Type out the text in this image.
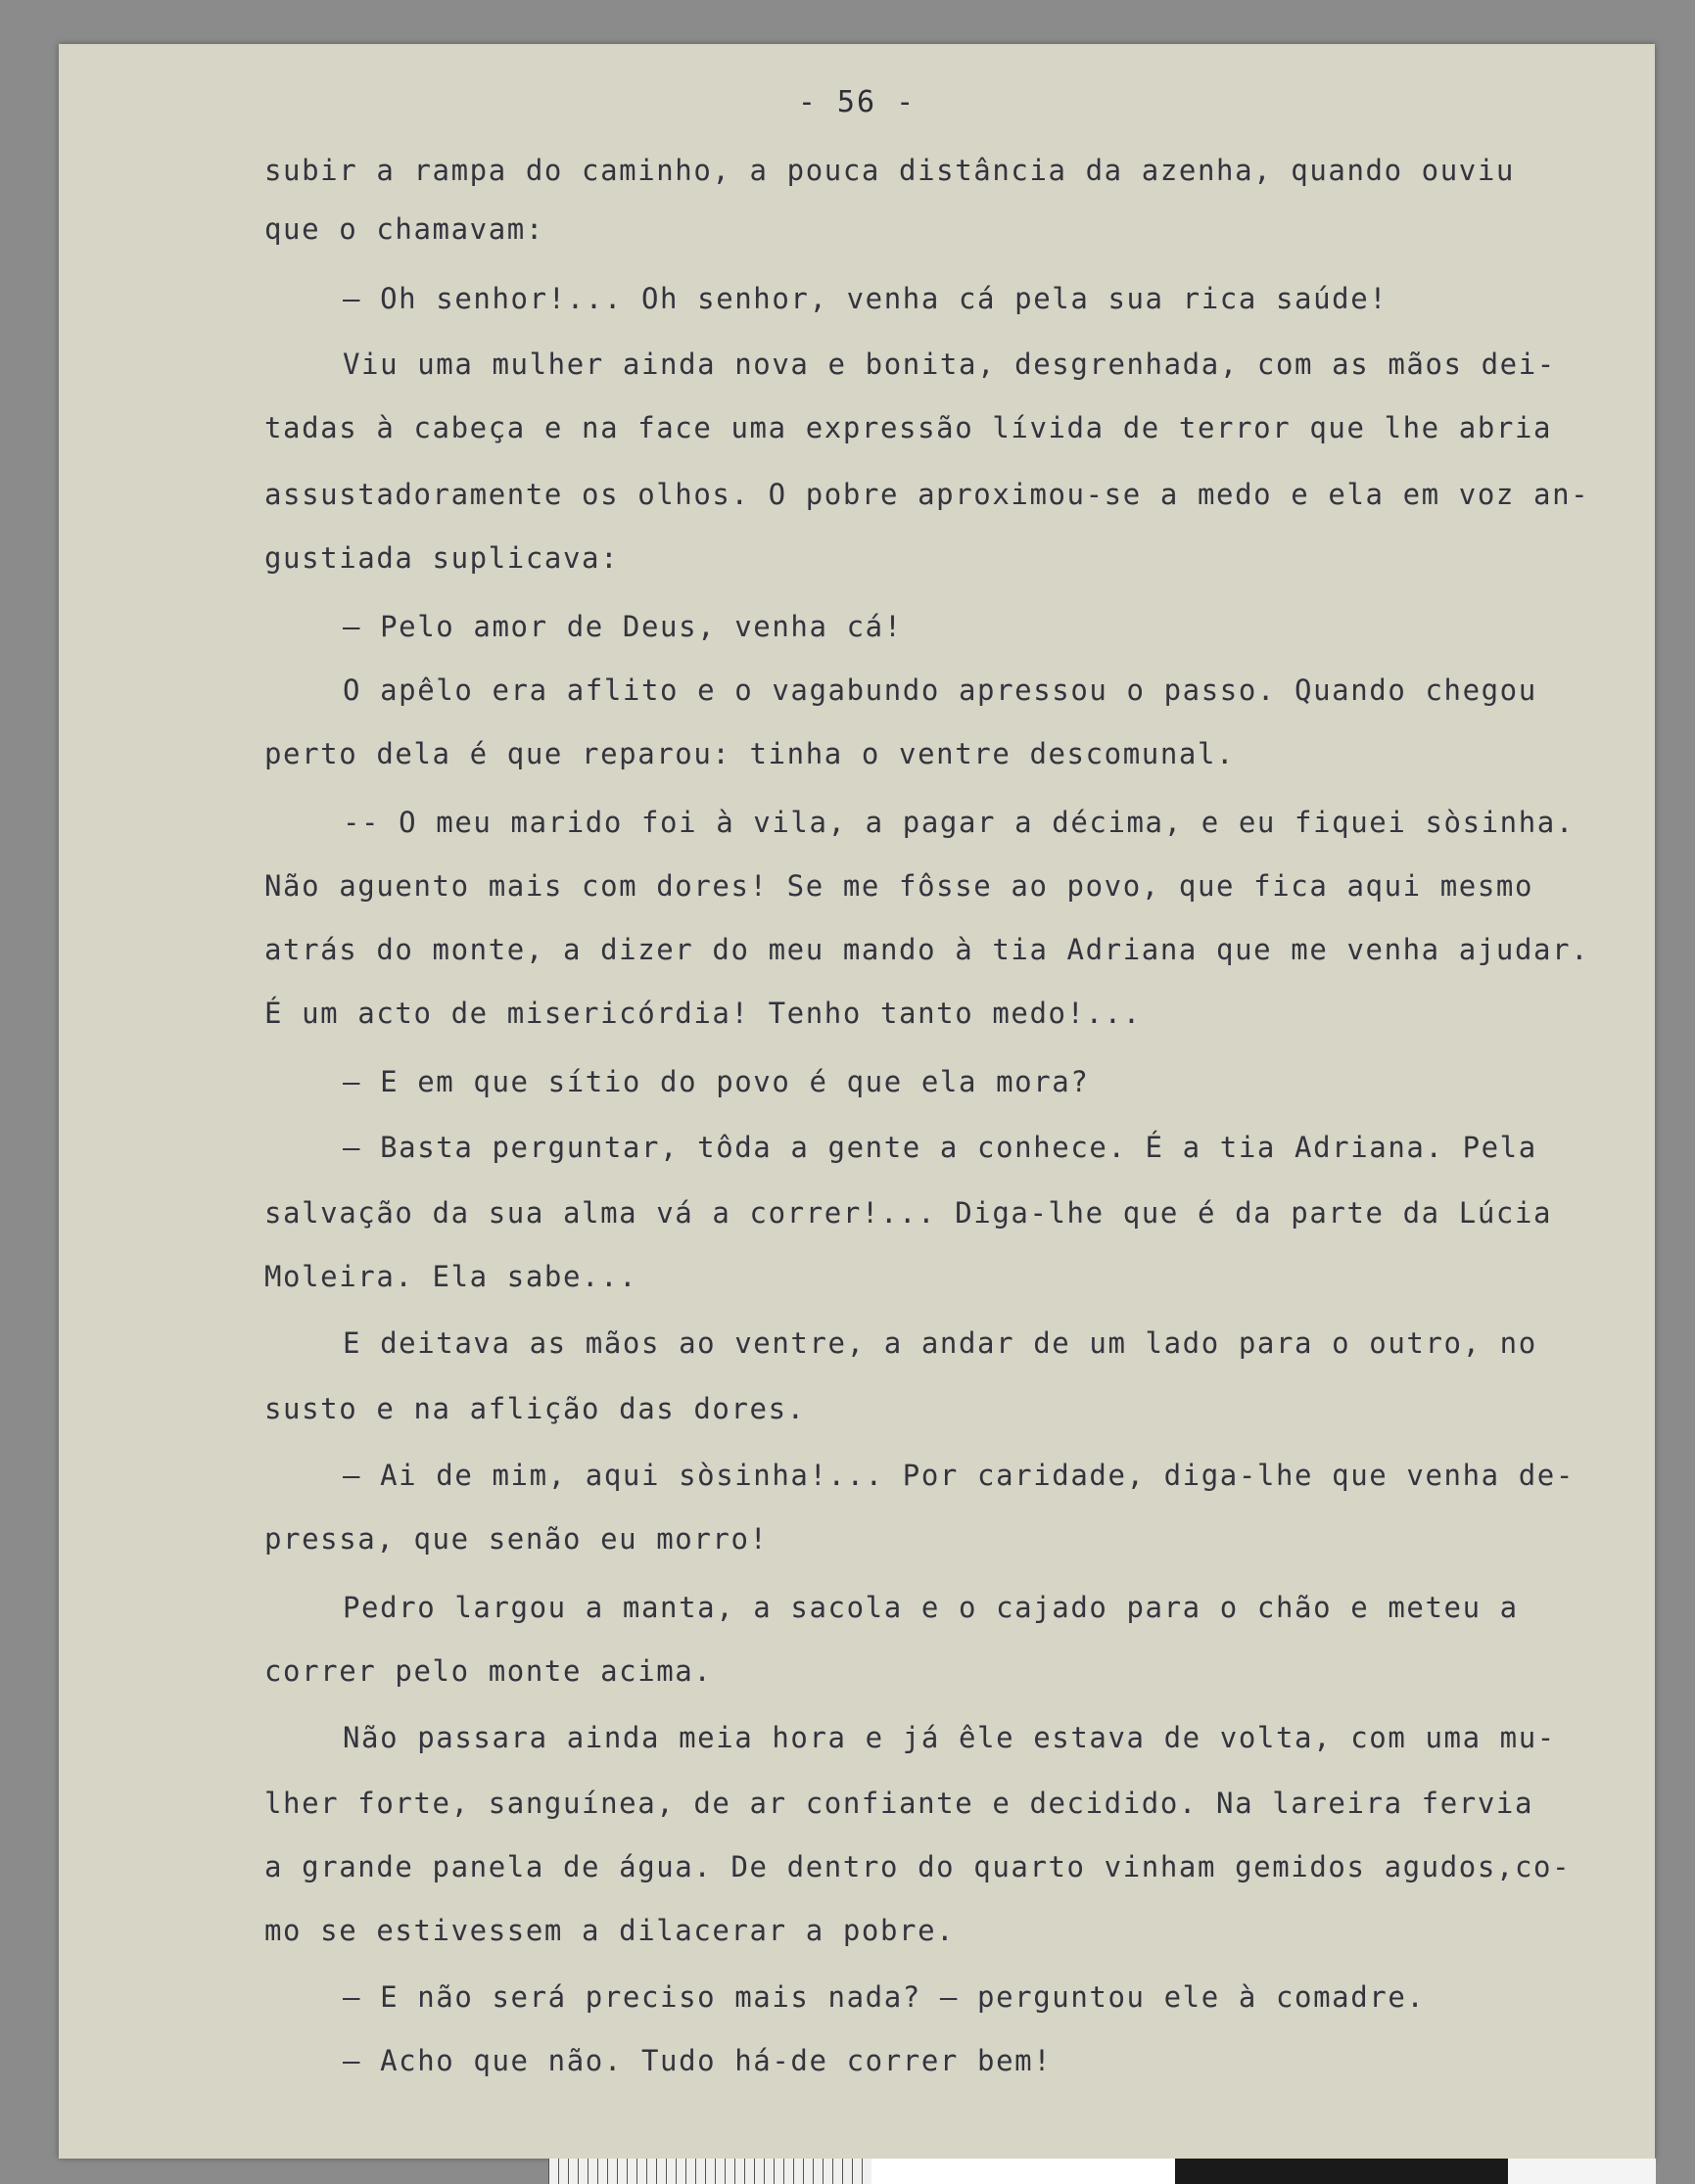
- 56 -
subir a rampa do caminho, a pouca distância da azenha, quando ouviu
que o chamavam:
— Oh senhor!... Oh senhor, venha cá pela sua rica saúde!
Viu uma mulher ainda nova e bonita, desgrenhada, com as mãos dei-
tadas à cabeça e na face uma expressão lívida de terror que lhe abria
assustadoramente os olhos. O pobre aproximou-se a medo e ela em voz an-
gustiada suplicava:
— Pelo amor de Deus, venha cá!
O apêlo era aflito e o vagabundo apressou o passo. Quando chegou
perto dela é que reparou: tinha o ventre descomunal.
-- O meu marido foi à vila, a pagar a décima, e eu fiquei sòsinha.
Não aguento mais com dores! Se me fôsse ao povo, que fica aqui mesmo
atrás do monte, a dizer do meu mando à tia Adriana que me venha ajudar.
É um acto de misericórdia! Tenho tanto medo!...
— E em que sítio do povo é que ela mora?
— Basta perguntar, tôda a gente a conhece. É a tia Adriana. Pela
salvação da sua alma vá a correr!... Diga-lhe que é da parte da Lúcia
Moleira. Ela sabe...
E deitava as mãos ao ventre, a andar de um lado para o outro, no
susto e na aflição das dores.
— Ai de mim, aqui sòsinha!... Por caridade, diga-lhe que venha de-
pressa, que senão eu morro!
Pedro largou a manta, a sacola e o cajado para o chão e meteu a
correr pelo monte acima.
Não passara ainda meia hora e já êle estava de volta, com uma mu-
lher forte, sanguínea, de ar confiante e decidido. Na lareira fervia
a grande panela de água. De dentro do quarto vinham gemidos agudos,co-
mo se estivessem a dilacerar a pobre.
— E não será preciso mais nada? — perguntou ele à comadre.
— Acho que não. Tudo há-de correr bem!
